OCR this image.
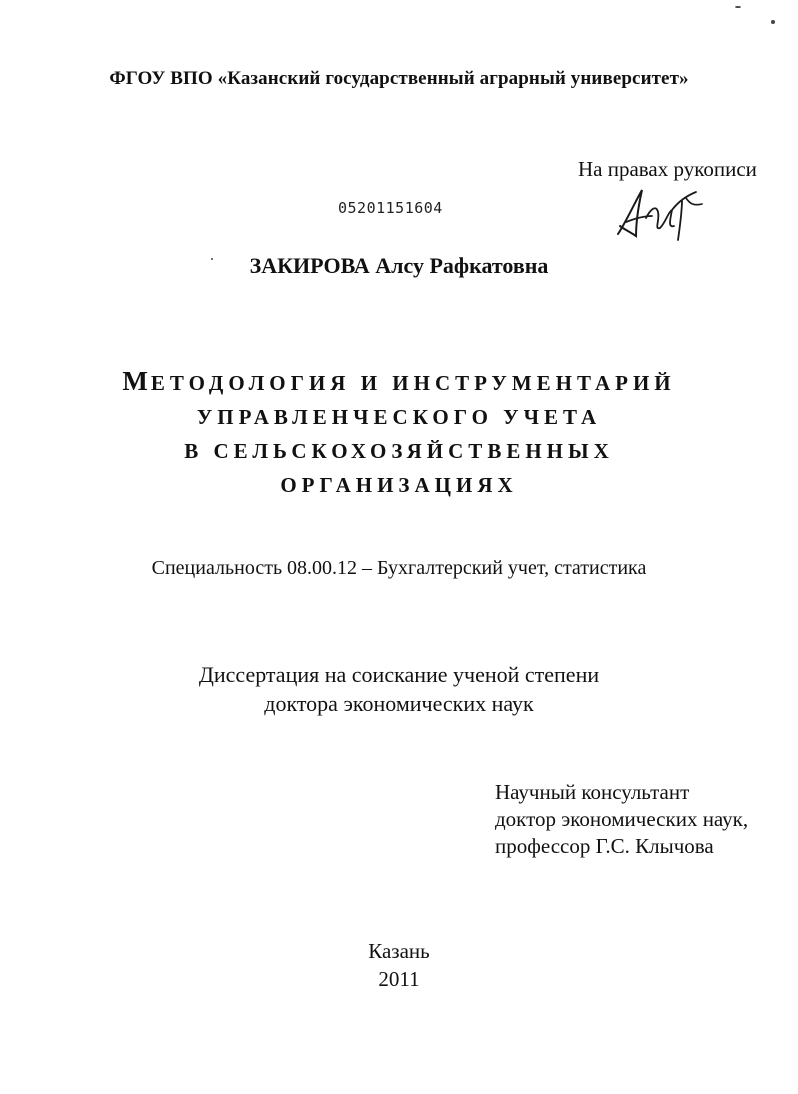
ФГОУ ВПО «Казанский государственный аграрный университет»
На правах рукописи
05201151604
ЗАКИРОВА Алсу Рафкатовна
МЕТОДОЛОГИЯ И ИНСТРУМЕНТАРИЙ
УПРАВЛЕНЧЕСКОГО УЧЕТА
В СЕЛЬСКОХОЗЯЙСТВЕННЫХ
ОРГАНИЗАЦИЯХ
Специальность 08.00.12 – Бухгалтерский учет, статистика
Диссертация на соискание ученой степени
доктора экономических наук
Научный консультант
доктор экономических наук,
профессор Г.С. Клычова
Казань
2011
